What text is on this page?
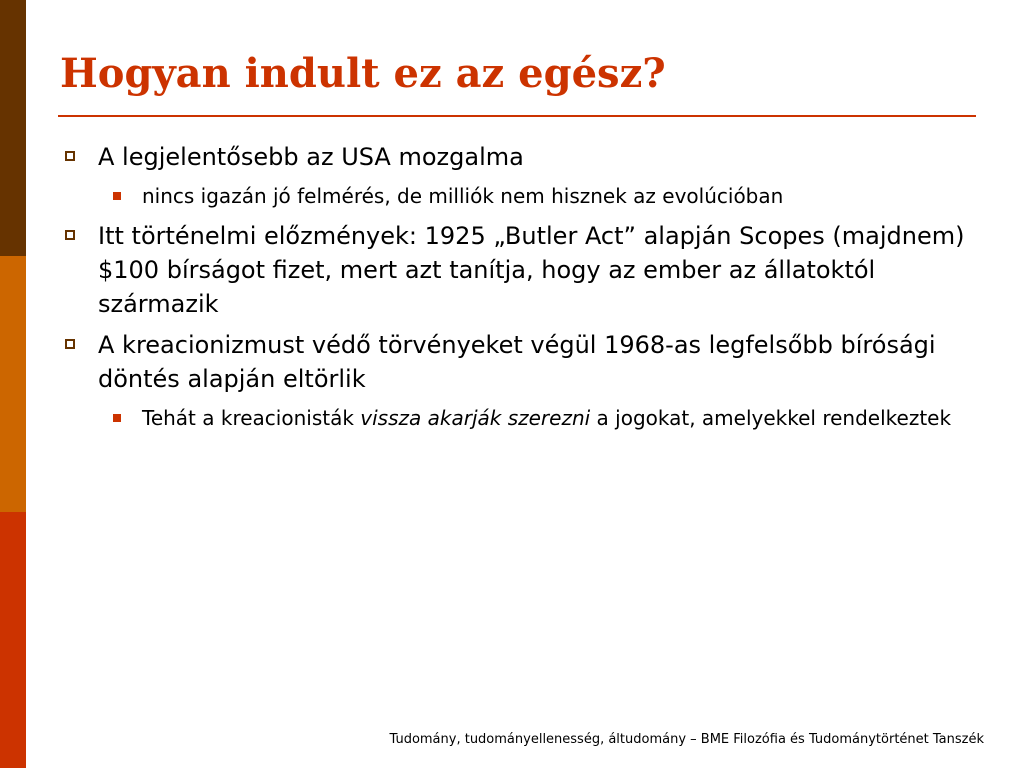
Hogyan indult ez az egész?
A legjelentősebb az USA mozgalma
nincs igazán jó felmérés, de milliók nem hisznek az evolúcióban
Itt történelmi előzmények: 1925 „Butler Act” alapján Scopes (majdnem) $100 bírságot fizet, mert azt tanítja, hogy az ember az állatoktól származik
A kreacionizmust védő törvényeket végül 1968-as legfelsőbb bírósági döntés alapján eltörlik
Tehát a kreacionisták vissza akarják szerezni a jogokat, amelyekkel rendelkeztek
Tudomány, tudományellenesség, áltudomány – BME Filozófia és Tudománytörténet Tanszék
